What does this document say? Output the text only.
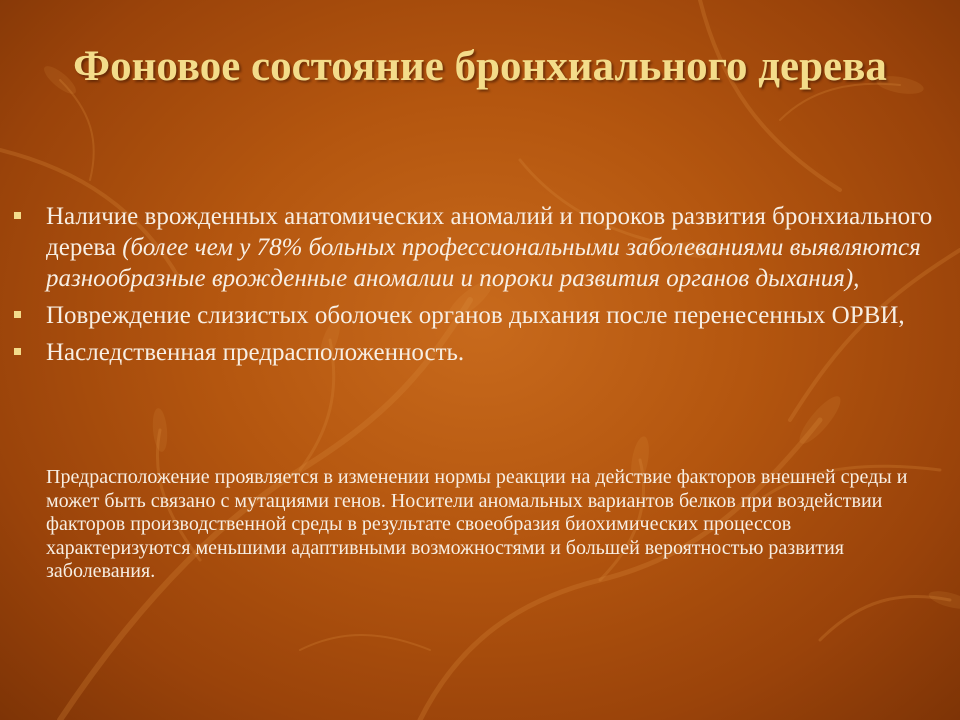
Фоновое состояние бронхиального дерева
Наличие врожденных анатомических аномалий и пороков развития бронхиального дерева (более чем у 78% больных профессиональными заболеваниями выявляются разнообразные врожденные аномалии и пороки развития органов дыхания),
Повреждение слизистых оболочек органов дыхания после перенесенных ОРВИ,
Наследственная предрасположенность.

Предрасположение проявляется в изменении нормы реакции на действие факторов внешней среды и может быть связано с мутациями генов. Носители аномальных вариантов белков при воздействии факторов производственной среды в результате своеобразия биохимических процессов характеризуются меньшими адаптивными возможностями и большей вероятностью развития заболевания.
